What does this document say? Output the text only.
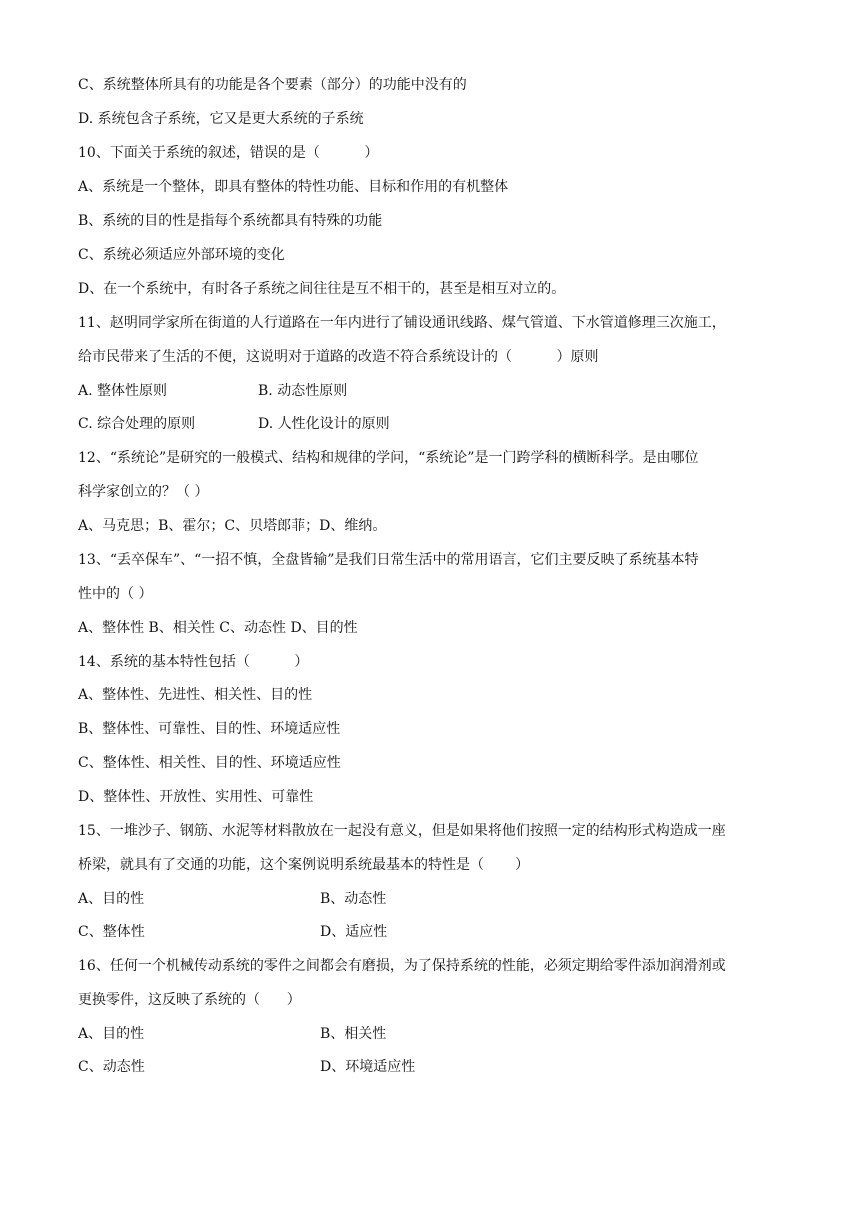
C、系统整体所具有的功能是各个要素（部分）的功能中没有的
D. 系统包含子系统，它又是更大系统的子系统
10、下面关于系统的叙述，错误的是（          ）
A、系统是一个整体，即具有整体的特性功能、目标和作用的有机整体
B、系统的目的性是指每个系统都具有特殊的功能
C、系统必须适应外部环境的变化
D、在一个系统中，有时各子系统之间往往是互不相干的，甚至是相互对立的。
11、赵明同学家所在街道的人行道路在一年内进行了铺设通讯线路、煤气管道、下水管道修理三次施工，
给市民带来了生活的不便，这说明对于道路的改造不符合系统设计的（          ）原则
A. 整体性原则	B. 动态性原则
C. 综合处理的原则	D. 人性化设计的原则
12、“系统论”是研究的一般模式、结构和规律的学问，“系统论”是一门跨学科的横断科学。是由哪位
科学家创立的？（ ）
A、马克思；B、霍尔；C、贝塔郎菲；D、维纳。
13、“丢卒保车”、“一招不慎，全盘皆输”是我们日常生活中的常用语言，它们主要反映了系统基本特
性中的（ ）
A、整体性 B、相关性 C、动态性 D、目的性
14、系统的基本特性包括（          ）
A、整体性、先进性、相关性、目的性
B、整体性、可靠性、目的性、环境适应性
C、整体性、相关性、目的性、环境适应性
D、整体性、开放性、实用性、可靠性
15、一堆沙子、钢筋、水泥等材料散放在一起没有意义，但是如果将他们按照一定的结构形式构造成一座
桥梁，就具有了交通的功能，这个案例说明系统最基本的特性是（       ）
A、目的性	B、动态性
C、整体性	D、适应性
16、任何一个机械传动系统的零件之间都会有磨损，为了保持系统的性能，必须定期给零件添加润滑剂或
更换零件，这反映了系统的（      ）
A、目的性	B、相关性
C、动态性	D、环境适应性
